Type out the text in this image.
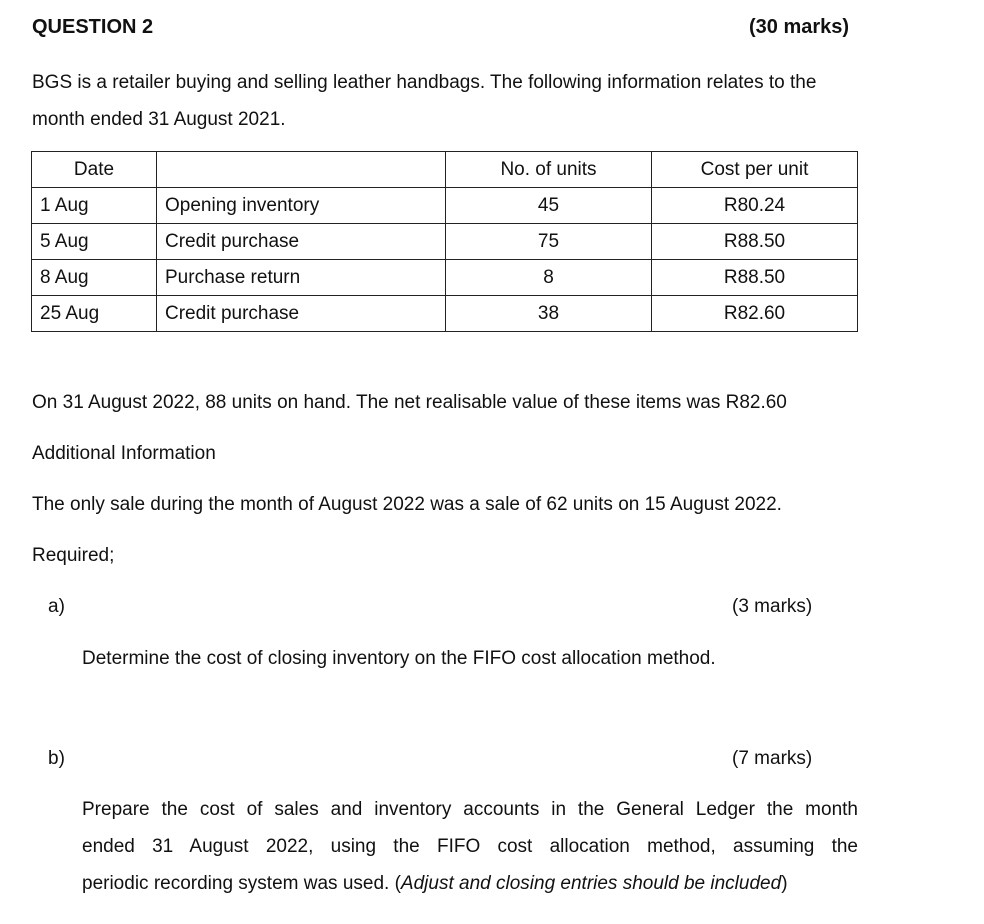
QUESTION 2	(30 marks)
BGS is a retailer buying and selling leather handbags. The following information relates to the month ended 31 August 2021.
Date		No. of units	Cost per unit
1 Aug	Opening inventory	45	R80.24
5 Aug	Credit purchase	75	R88.50
8 Aug	Purchase return	8	R88.50
25 Aug	Credit purchase	38	R82.60
On 31 August 2022, 88 units on hand. The net realisable value of these items was R82.60
Additional Information
The only sale during the month of August 2022 was a sale of 62 units on 15 August 2022.
Required;
a)	(3 marks)
Determine the cost of closing inventory on the FIFO cost allocation method.
b)	(7 marks)
Prepare the cost of sales and inventory accounts in the General Ledger the month
ended 31 August 2022, using the FIFO cost allocation method, assuming the
periodic recording system was used. (Adjust and closing entries should be included)
